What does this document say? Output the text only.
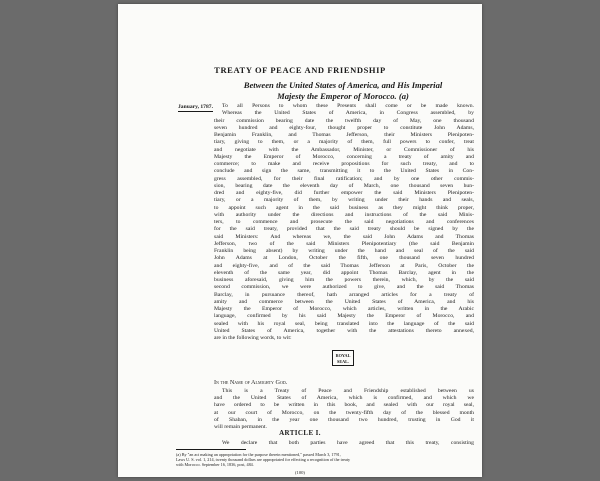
TREATY OF PEACE AND FRIENDSHIP
Between the United States of America, and His Imperial
Majesty the Emperor of Morocco. (a)
January, 1787.	To all Persons to whom these Presents shall come or be made known.
Whereas the United States of America, in Congress assembled, by
their commission bearing date the twelfth day of May, one thousand
seven hundred and eighty-four, thought proper to constitute John Adams,
Benjamin Franklin, and Thomas Jefferson, their Ministers Plenipoten-
tiary, giving to them, or a majority of them, full powers to confer, treat
and negotiate with the Ambassador, Minister, or Commissioner of his
Majesty the Emperor of Morocco, concerning a treaty of amity and
commerce; to make and receive propositions for such treaty, and to
conclude and sign the same, transmitting it to the United States in Con-
gress assembled, for their final ratification; and by one other commis-
sion, bearing date the eleventh day of March, one thousand seven hun-
dred and eighty-five, did further empower the said Ministers Plenipoten-
tiary, or a majority of them, by writing under their hands and seals,
to appoint such agent in the said business as they might think proper,
with authority under the directions and instructions of the said Minis-
ters, to commence and prosecute the said negotiations and conferences
for the said treaty, provided that the said treaty should be signed by the
said Ministers: And whereas we, the said John Adams and Thomas
Jefferson, two of the said Ministers Plenipotentiary (the said Benjamin
Franklin being absent) by writing under the hand and seal of the said
John Adams at London, October the fifth, one thousand seven hundred
and eighty-five, and of the said Thomas Jefferson at Paris, October the
eleventh of the same year, did appoint Thomas Barclay, agent in the
business aforesaid, giving him the powers therein, which, by the said
second commission, we were authorized to give, and the said Thomas
Barclay, in pursuance thereof, hath arranged articles for a treaty of
amity and commerce between the United States of America, and his
Majesty the Emperor of Morocco, which articles, written in the Arabic
language, confirmed by his said Majesty the Emperor of Morocco, and
sealed with his royal seal, being translated into the language of the said
United States of America, together with the attestations thereto annexed,
are in the following words, to wit:
ROYAL
SEAL.
In the Name of Almighty God.
This is a Treaty of Peace and Friendship established between us
and the United States of America, which is confirmed, and which we
have ordered to be written in this book, and sealed with our royal seal,
at our court of Morocco, on the twenty-fifth day of the blessed month
of Shaban, in the year one thousand two hundred, trusting in God it
will remain permanent.
ARTICLE I.
We declare that both parties have agreed that this treaty, consisting
(a) By "an act making an appropriation for the purpose therein mentioned," passed March 3, 1791,
Laws U. S. vol. 1, 214, twenty thousand dollars are appropriated for effecting a recognition of the treaty
with Morocco. September 16, 1836, post, 484.
(100)
